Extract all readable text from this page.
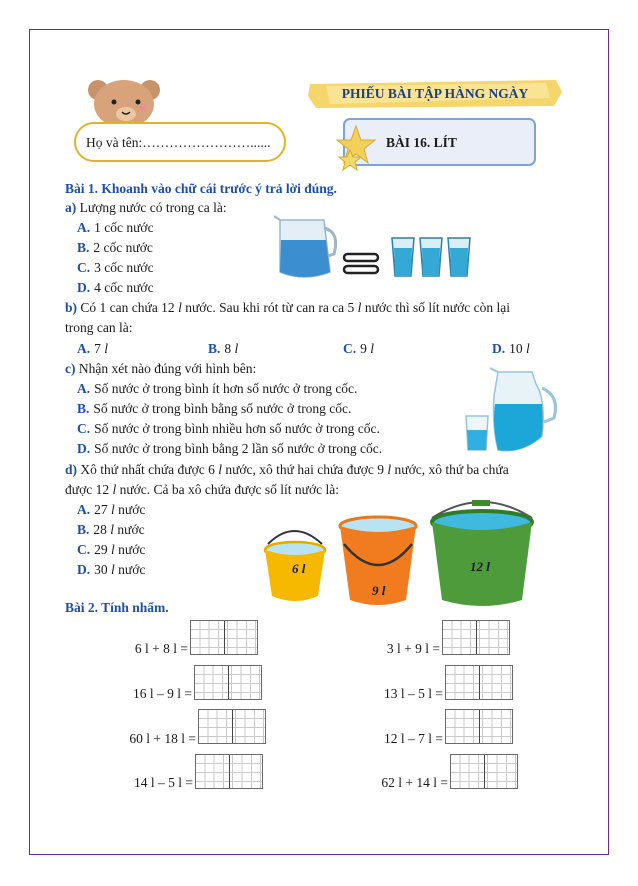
Họ và tên:……………………......
PHIẾU BÀI TẬP HÀNG NGÀY
BÀI 16. LÍT
Bài 1. Khoanh vào chữ cái trước ý trả lời đúng.
a) Lượng nước có trong ca là:
A. 1 cốc nước
B. 2 cốc nước
C. 3 cốc nước
D. 4 cốc nước
b) Có 1 can chứa 12 l nước. Sau khi rót từ can ra ca 5 l nước thì số lít nước còn lại
trong can là:
A. 7 l	B. 8 l	C. 9 l	D. 10 l
c) Nhận xét nào đúng với hình bên:
A. Số nước ở trong bình ít hơn số nước ở trong cốc.
B. Số nước ở trong bình bằng số nước ở trong cốc.
C. Số nước ở trong bình nhiều hơn số nước ở trong cốc.
D. Số nước ở trong bình bằng 2 lần số nước ở trong cốc.
d) Xô thứ nhất chứa được 6 l nước, xô thứ hai chứa được 9 l nước, xô thứ ba chứa
được 12 l nước. Cả ba xô chứa được số lít nước là:
A. 27 l nước
B. 28 l nước
C. 29 l nước
D. 30 l nước	6 l
9 l
12 l
Bài 2. Tính nhẩm.
6 l + 8 l =
16 l – 9 l =
60 l + 18 l =
14 l – 5 l =
3 l + 9 l =
13 l – 5 l =
12 l – 7 l =
62 l + 14 l =
